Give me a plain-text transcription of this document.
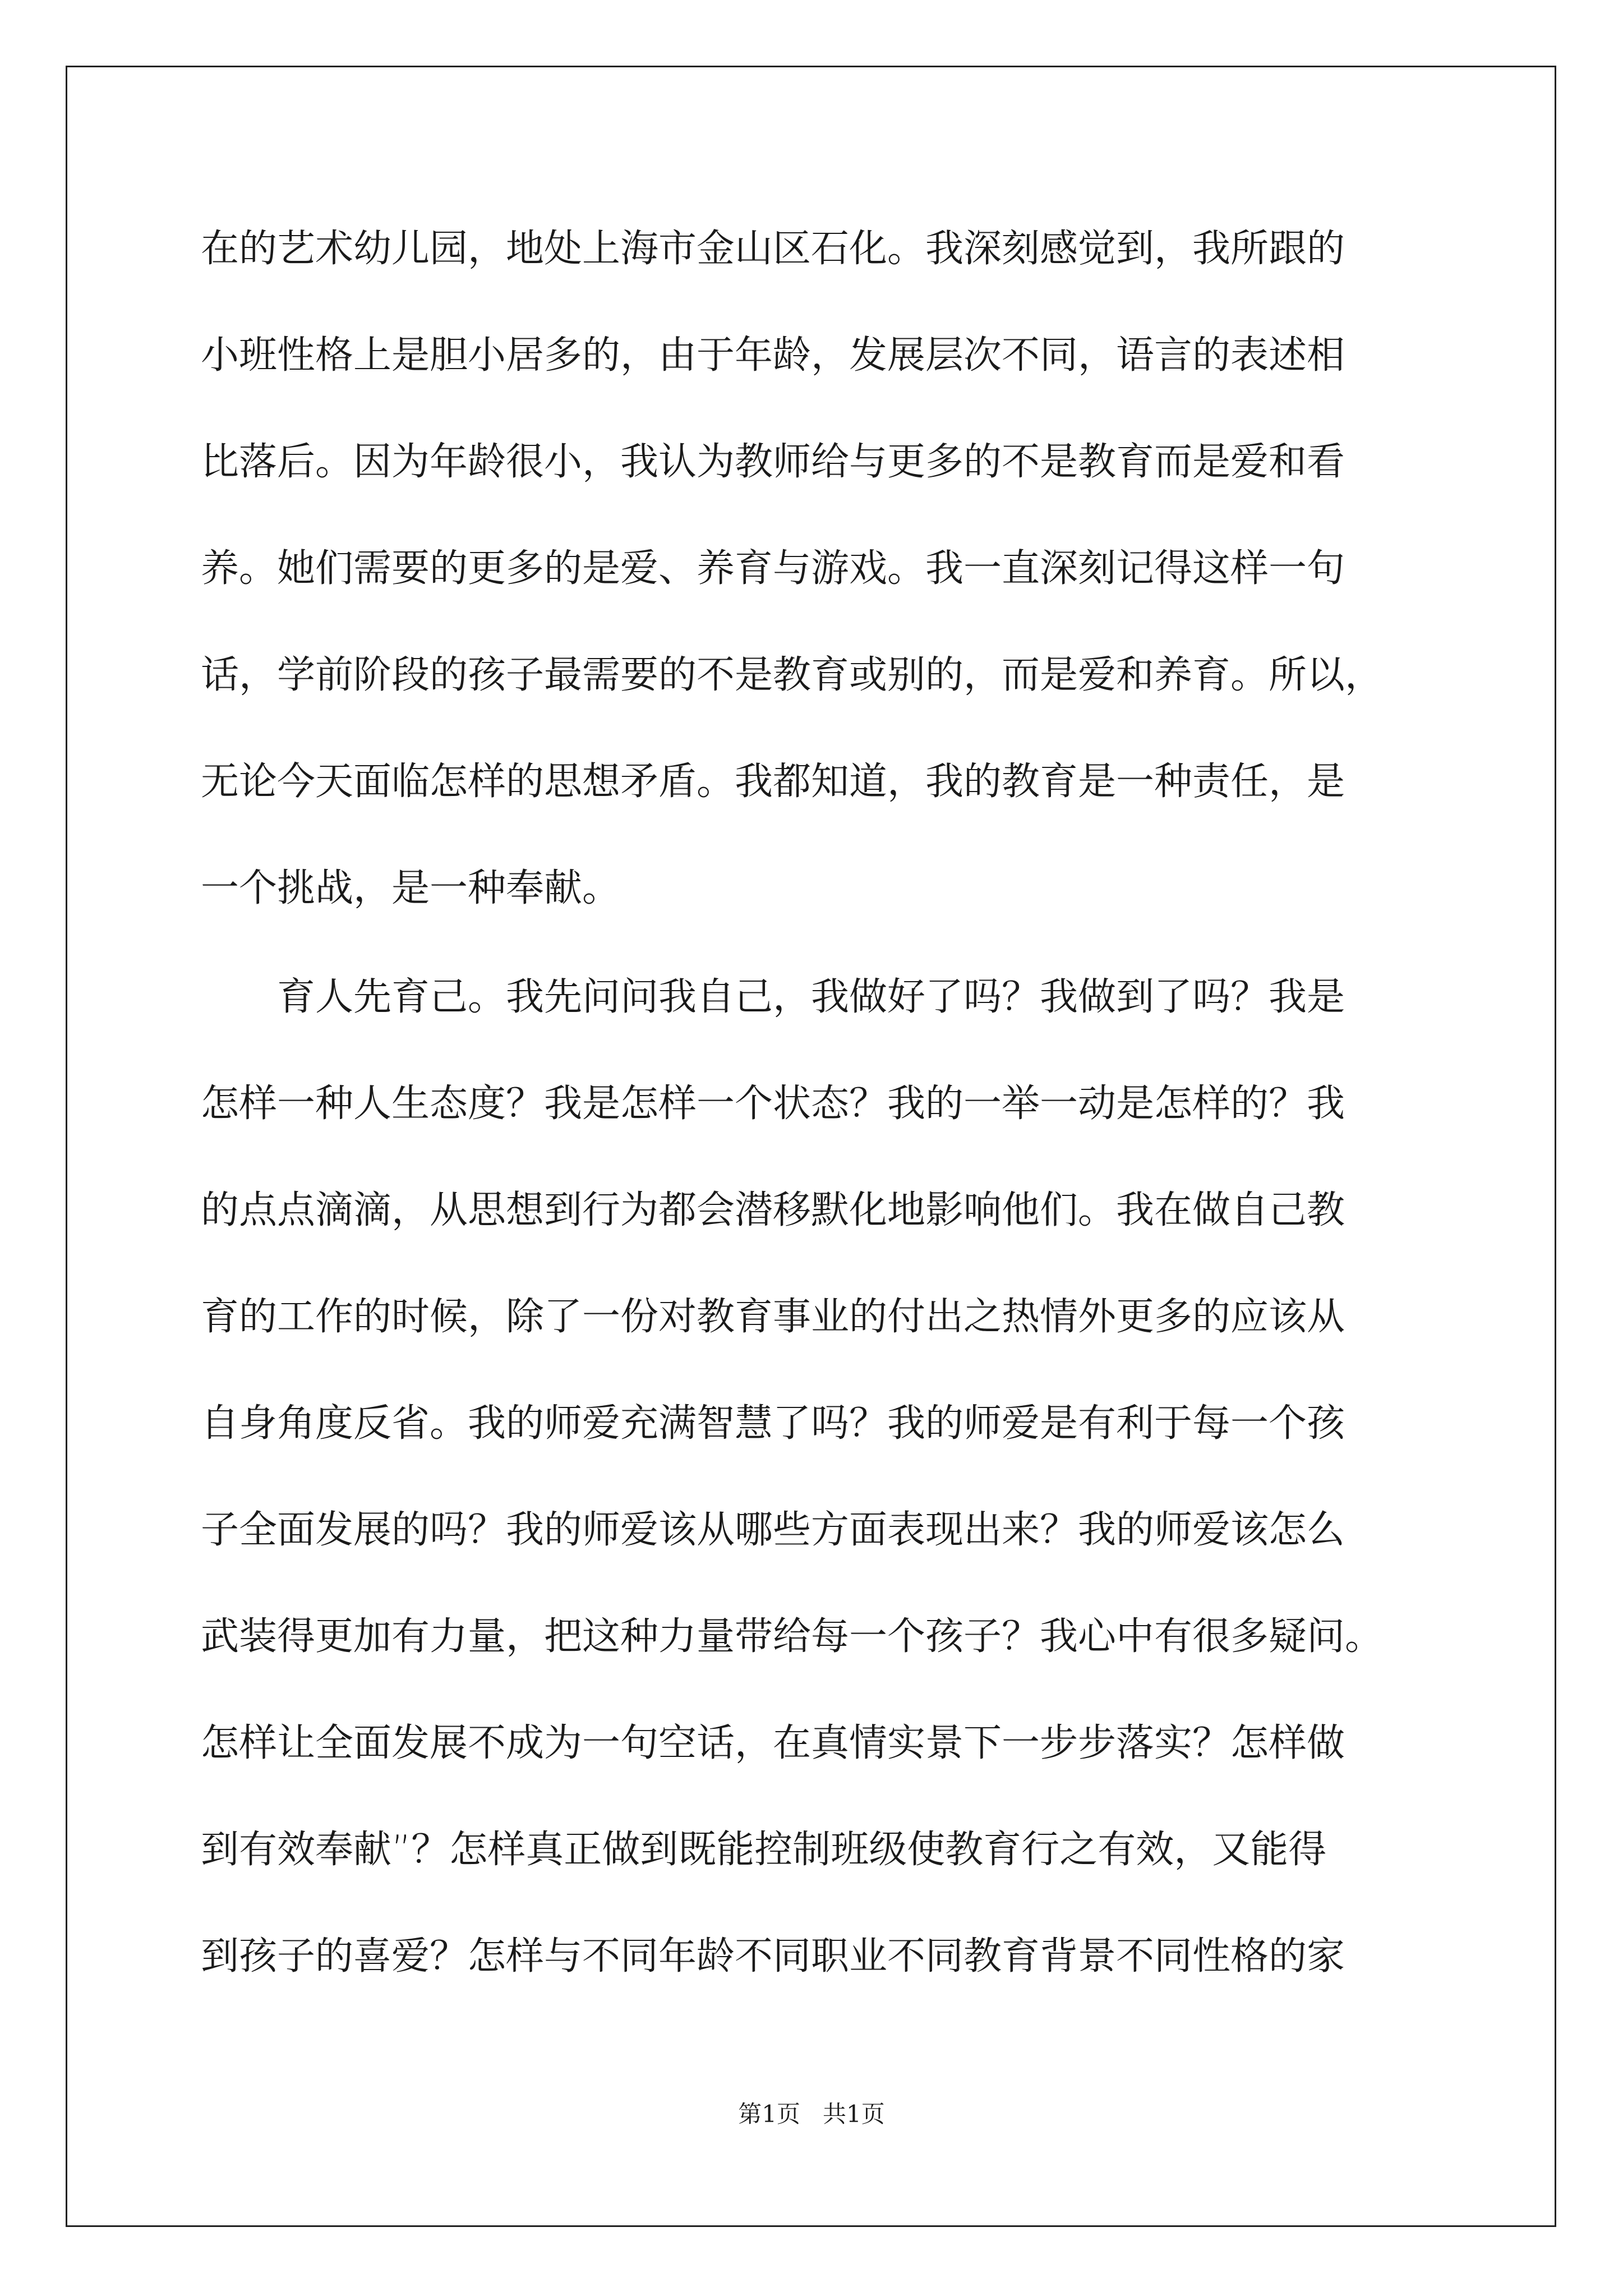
在的艺术幼儿园，地处上海市金山区石化。我深刻感觉到，我所跟的
小班性格上是胆小居多的，由于年龄，发展层次不同，语言的表述相
比落后。因为年龄很小，我认为教师给与更多的不是教育而是爱和看
养。她们需要的更多的是爱、养育与游戏。我一直深刻记得这样一句
话，学前阶段的孩子最需要的不是教育或别的，而是爱和养育。所以，
无论今天面临怎样的思想矛盾。我都知道，我的教育是一种责任，是
一个挑战，是一种奉献。
　　育人先育己。我先问问我自己，我做好了吗？我做到了吗？我是
怎样一种人生态度？我是怎样一个状态？我的一举一动是怎样的？我
的点点滴滴，从思想到行为都会潜移默化地影响他们。我在做自己教
育的工作的时候，除了一份对教育事业的付出之热情外更多的应该从
自身角度反省。我的师爱充满智慧了吗？我的师爱是有利于每一个孩
子全面发展的吗？我的师爱该从哪些方面表现出来？我的师爱该怎么
武装得更加有力量，把这种力量带给每一个孩子？我心中有很多疑问。
怎样让全面发展不成为一句空话，在真情实景下一步步落实？怎样做
到有效奉献”？怎样真正做到既能控制班级使教育行之有效，又能得
到孩子的喜爱？怎样与不同年龄不同职业不同教育背景不同性格的家
第1页 共1页
